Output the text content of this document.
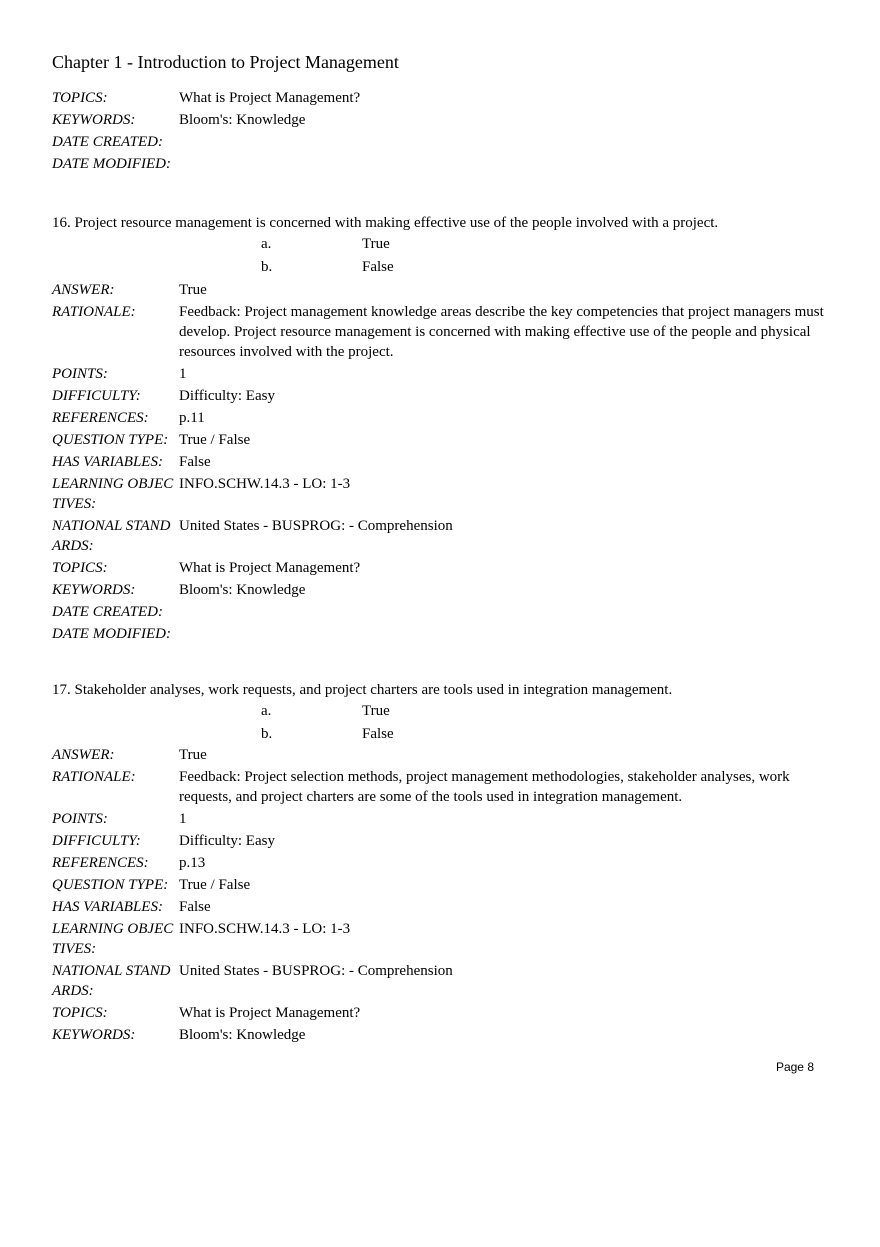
Chapter 1 - Introduction to Project Management
TOPICS:	What is Project Management?
KEYWORDS:	Bloom's: Knowledge
DATE CREATED:
DATE MODIFIED:
16. Project resource management is concerned with making effective use of the people involved with a project.
a.	True
b.	False
ANSWER:	True
RATIONALE:	Feedback: Project management knowledge areas describe the key competencies that project managers must develop. Project resource management is concerned with making effective use of the people and physical resources involved with the project.
POINTS:	1
DIFFICULTY:	Difficulty: Easy
REFERENCES:	p.11
QUESTION TYPE: True / False
HAS VARIABLES:	False
LEARNING OBJECTIVES:
INFO.SCHW.14.3 - LO: 1-3
NATIONAL STANDARDS:
United States - BUSPROG: - Comprehension
TOPICS:	What is Project Management?
KEYWORDS:	Bloom's: Knowledge
DATE CREATED:
DATE MODIFIED:
17. Stakeholder analyses, work requests, and project charters are tools used in integration management.
a.	True
b.	False
ANSWER:	True
RATIONALE:	Feedback: Project selection methods, project management methodologies, stakeholder analyses, work requests, and project charters are some of the tools used in integration management.
POINTS:	1
DIFFICULTY:	Difficulty: Easy
REFERENCES:	p.13
QUESTION TYPE: True / False
HAS VARIABLES:	False
LEARNING OBJECTIVES:
INFO.SCHW.14.3 - LO: 1-3
NATIONAL STANDARDS:
United States - BUSPROG: - Comprehension
TOPICS:	What is Project Management?
KEYWORDS:	Bloom's: Knowledge
Page 8
